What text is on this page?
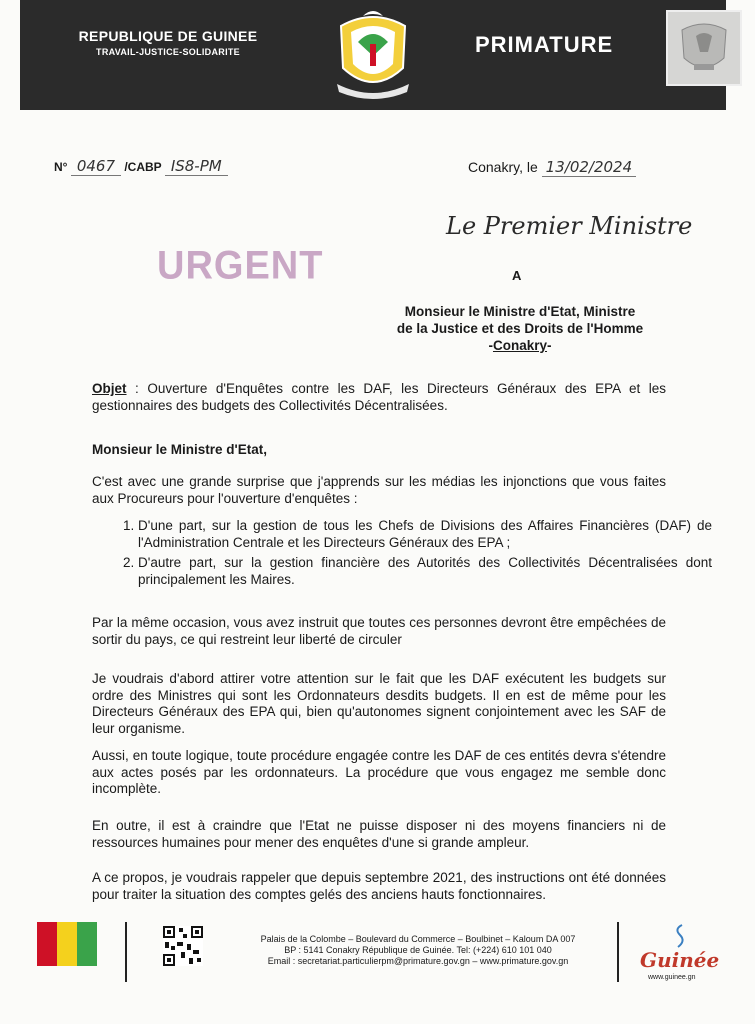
REPUBLIQUE DE GUINEE
TRAVAIL-JUSTICE-SOLIDARITE	PRIMATURE
N° 0467 /CABP IS8-PM	Conakry, le 13/02/2024
Le Premier Ministre
URGENT	A
Monsieur le Ministre d'Etat, Ministre
de la Justice et des Droits de l'Homme
-Conakry-
Objet : Ouverture d'Enquêtes contre les DAF, les Directeurs Généraux des EPA et les gestionnaires des budgets des Collectivités Décentralisées.
Monsieur le Ministre d'Etat,
C'est avec une grande surprise que j'apprends sur les médias les injonctions que vous faites aux Procureurs pour l'ouverture d'enquêtes :
1. D'une part, sur la gestion de tous les Chefs de Divisions des Affaires Financières (DAF) de l'Administration Centrale et les Directeurs Généraux des EPA ;
2. D'autre part, sur la gestion financière des Autorités des Collectivités Décentralisées dont principalement les Maires.
Par la même occasion, vous avez instruit que toutes ces personnes devront être empêchées de sortir du pays, ce qui restreint leur liberté de circuler
Je voudrais d'abord attirer votre attention sur le fait que les DAF exécutent les budgets sur ordre des Ministres qui sont les Ordonnateurs desdits budgets. Il en est de même pour les Directeurs Généraux des EPA qui, bien qu'autonomes signent conjointement avec les SAF de leur organisme.
Aussi, en toute logique, toute procédure engagée contre les DAF de ces entités devra s'étendre aux actes posés par les ordonnateurs. La procédure que vous engagez me semble donc incomplète.
En outre, il est à craindre que l'Etat ne puisse disposer ni des moyens financiers ni de ressources humaines pour mener des enquêtes d'une si grande ampleur.
A ce propos, je voudrais rappeler que depuis septembre 2021, des instructions ont été données pour traiter la situation des comptes gelés des anciens hauts fonctionnaires.
Palais de la Colombe – Boulevard du Commerce – Boulbinet – Kaloum DA 007
BP : 5141 Conakry République de Guinée. Tel: (+224) 610 101 040
Email : secretariat.particulierpm@primature.gov.gn – www.primature.gov.gn	Guinée
www.guinee.gn
